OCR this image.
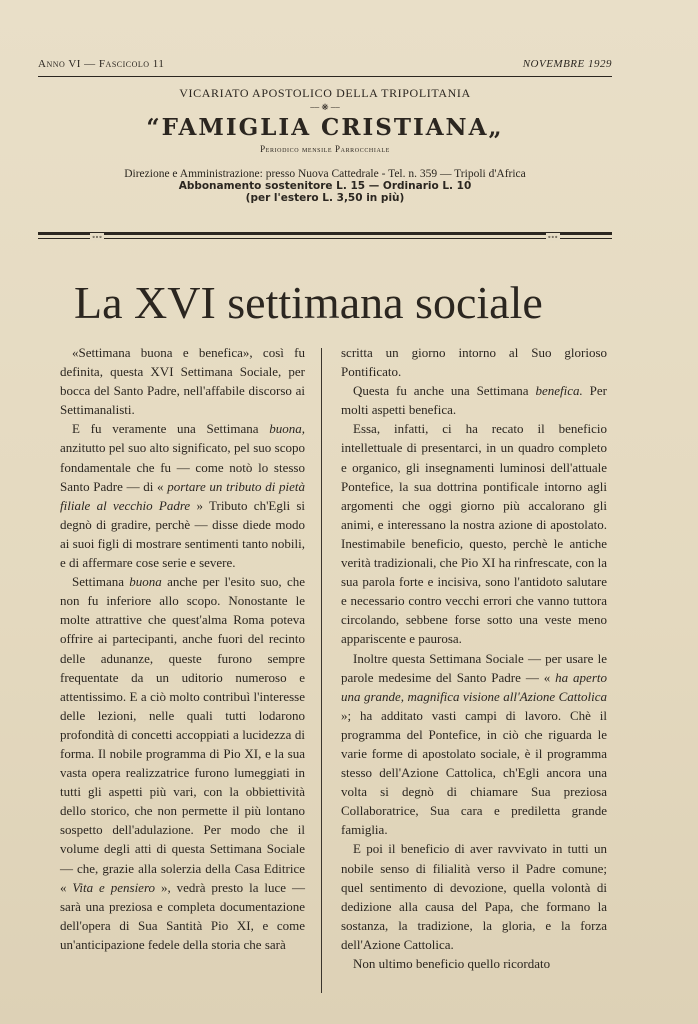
Anno VI — Fascicolo 11	NOVEMBRE 1929
VICARIATO APOSTOLICO DELLA TRIPOLITANIA
⎯⎯ ⁕ ⎯⎯
“FAMIGLIA CRISTIANA„
Periodico mensile Parrocchiale
Direzione e Amministrazione: presso Nuova Cattedrale - Tel. n. 359 — Tripoli d'Africa
Abbonamento sostenitore L. 15 — Ordinario L. 10
(per l'estero L. 3,50 in più)
∘∘∘	∘∘∘
La XVI settimana sociale

«Settimana buona e benefica», così fu definita, questa XVI Settimana Sociale, per bocca del Santo Padre, nell'affabile discorso ai Settimanalisti.

E fu veramente una Settimana buona, anzitutto pel suo alto significato, pel suo scopo fondamentale che fu — come notò lo stesso Santo Padre — di « portare un tributo di pietà filiale al vecchio Padre » Tributo ch'Egli si degnò di gradire, perchè — disse diede modo ai suoi figli di mostrare sentimenti tanto nobili, e di affermare cose serie e severe.

Settimana buona anche per l'esito suo, che non fu inferiore allo scopo. Nonostante le molte attrattive che quest'alma Roma poteva offrire ai partecipanti, anche fuori del recinto delle adunanze, queste furono sempre frequentate da un uditorio numeroso e attentissimo. E a ciò molto contribuì l'interesse delle lezioni, nelle quali tutti lodarono profondità di concetti accoppiati a lucidezza di forma. Il nobile programma di Pio XI, e la sua vasta opera realizzatrice furono lumeggiati in tutti gli aspetti più vari, con la obbiettività dello storico, che non permette il più lontano sospetto dell'adulazione. Per modo che il volume degli atti di questa Settimana Sociale — che, grazie alla solerzia della Casa Editrice « Vita e pensiero », vedrà presto la luce — sarà una preziosa e completa documentazione dell'opera di Sua Santità Pio XI, e come un'anticipazione fedele della storia che sarà

scritta un giorno intorno al Suo glorioso Pontificato.

Questa fu anche una Settimana benefica. Per molti aspetti benefica.

Essa, infatti, ci ha recato il beneficio intellettuale di presentarci, in un quadro completo e organico, gli insegnamenti luminosi dell'attuale Pontefice, la sua dottrina pontificale intorno agli argomenti che oggi giorno più accalorano gli animi, e interessano la nostra azione di apostolato. Inestimabile beneficio, questo, perchè le antiche verità tradizionali, che Pio XI ha rinfrescate, con la sua parola forte e incisiva, sono l'antidoto salutare e necessario contro vecchi errori che vanno tuttora circolando, sebbene forse sotto una veste meno appariscente e paurosa.

Inoltre questa Settimana Sociale — per usare le parole medesime del Santo Padre — « ha aperto una grande, magnifica visione all'Azione Cattolica »; ha additato vasti campi di lavoro. Chè il programma del Pontefice, in ciò che riguarda le varie forme di apostolato sociale, è il programma stesso dell'Azione Cattolica, ch'Egli ancora una volta si degnò di chiamare Sua preziosa Collaboratrice, Sua cara e prediletta grande famiglia.

E poi il beneficio di aver ravvivato in tutti un nobile senso di filialità verso il Padre comune; quel sentimento di devozione, quella volontà di dedizione alla causa del Papa, che formano la sostanza, la tradizione, la gloria, e la forza dell'Azione Cattolica.

Non ultimo beneficio quello ricordato
